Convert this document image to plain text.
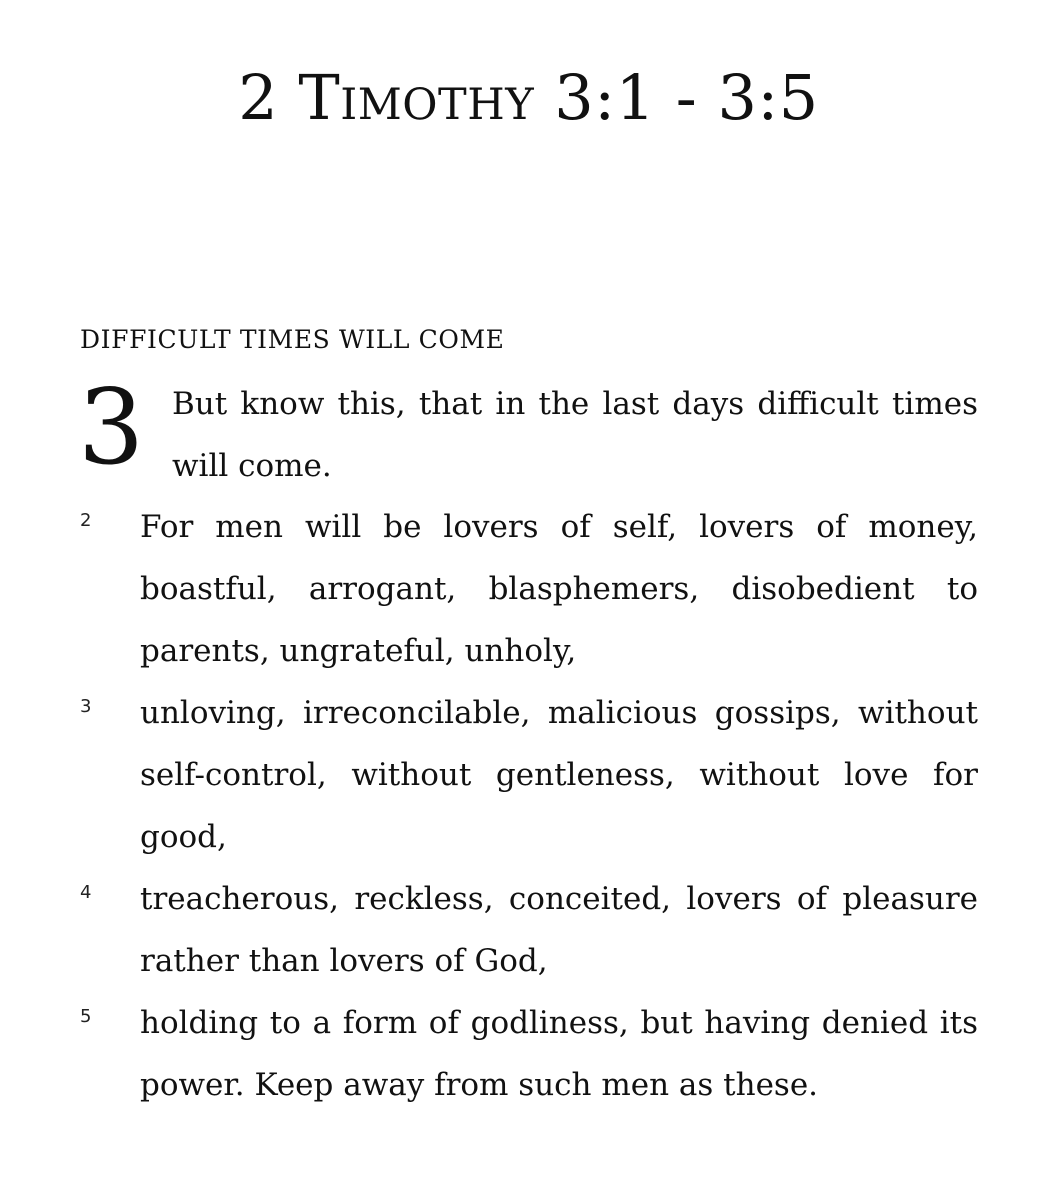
2 Timothy 3:1 - 3:5
DIFFICULT TIMES WILL COME
3 But know this, that in the last days difficult times will come.
2 For men will be lovers of self, lovers of money, boastful, arrogant, blasphemers, disobedient to parents, ungrateful, unholy,
3 unloving, irreconcilable, malicious gossips, without self-control, without gentleness, without love for good,
4 treacherous, reckless, conceited, lovers of pleasure rather than lovers of God,
5 holding to a form of godliness, but having denied its power. Keep away from such men as these.
